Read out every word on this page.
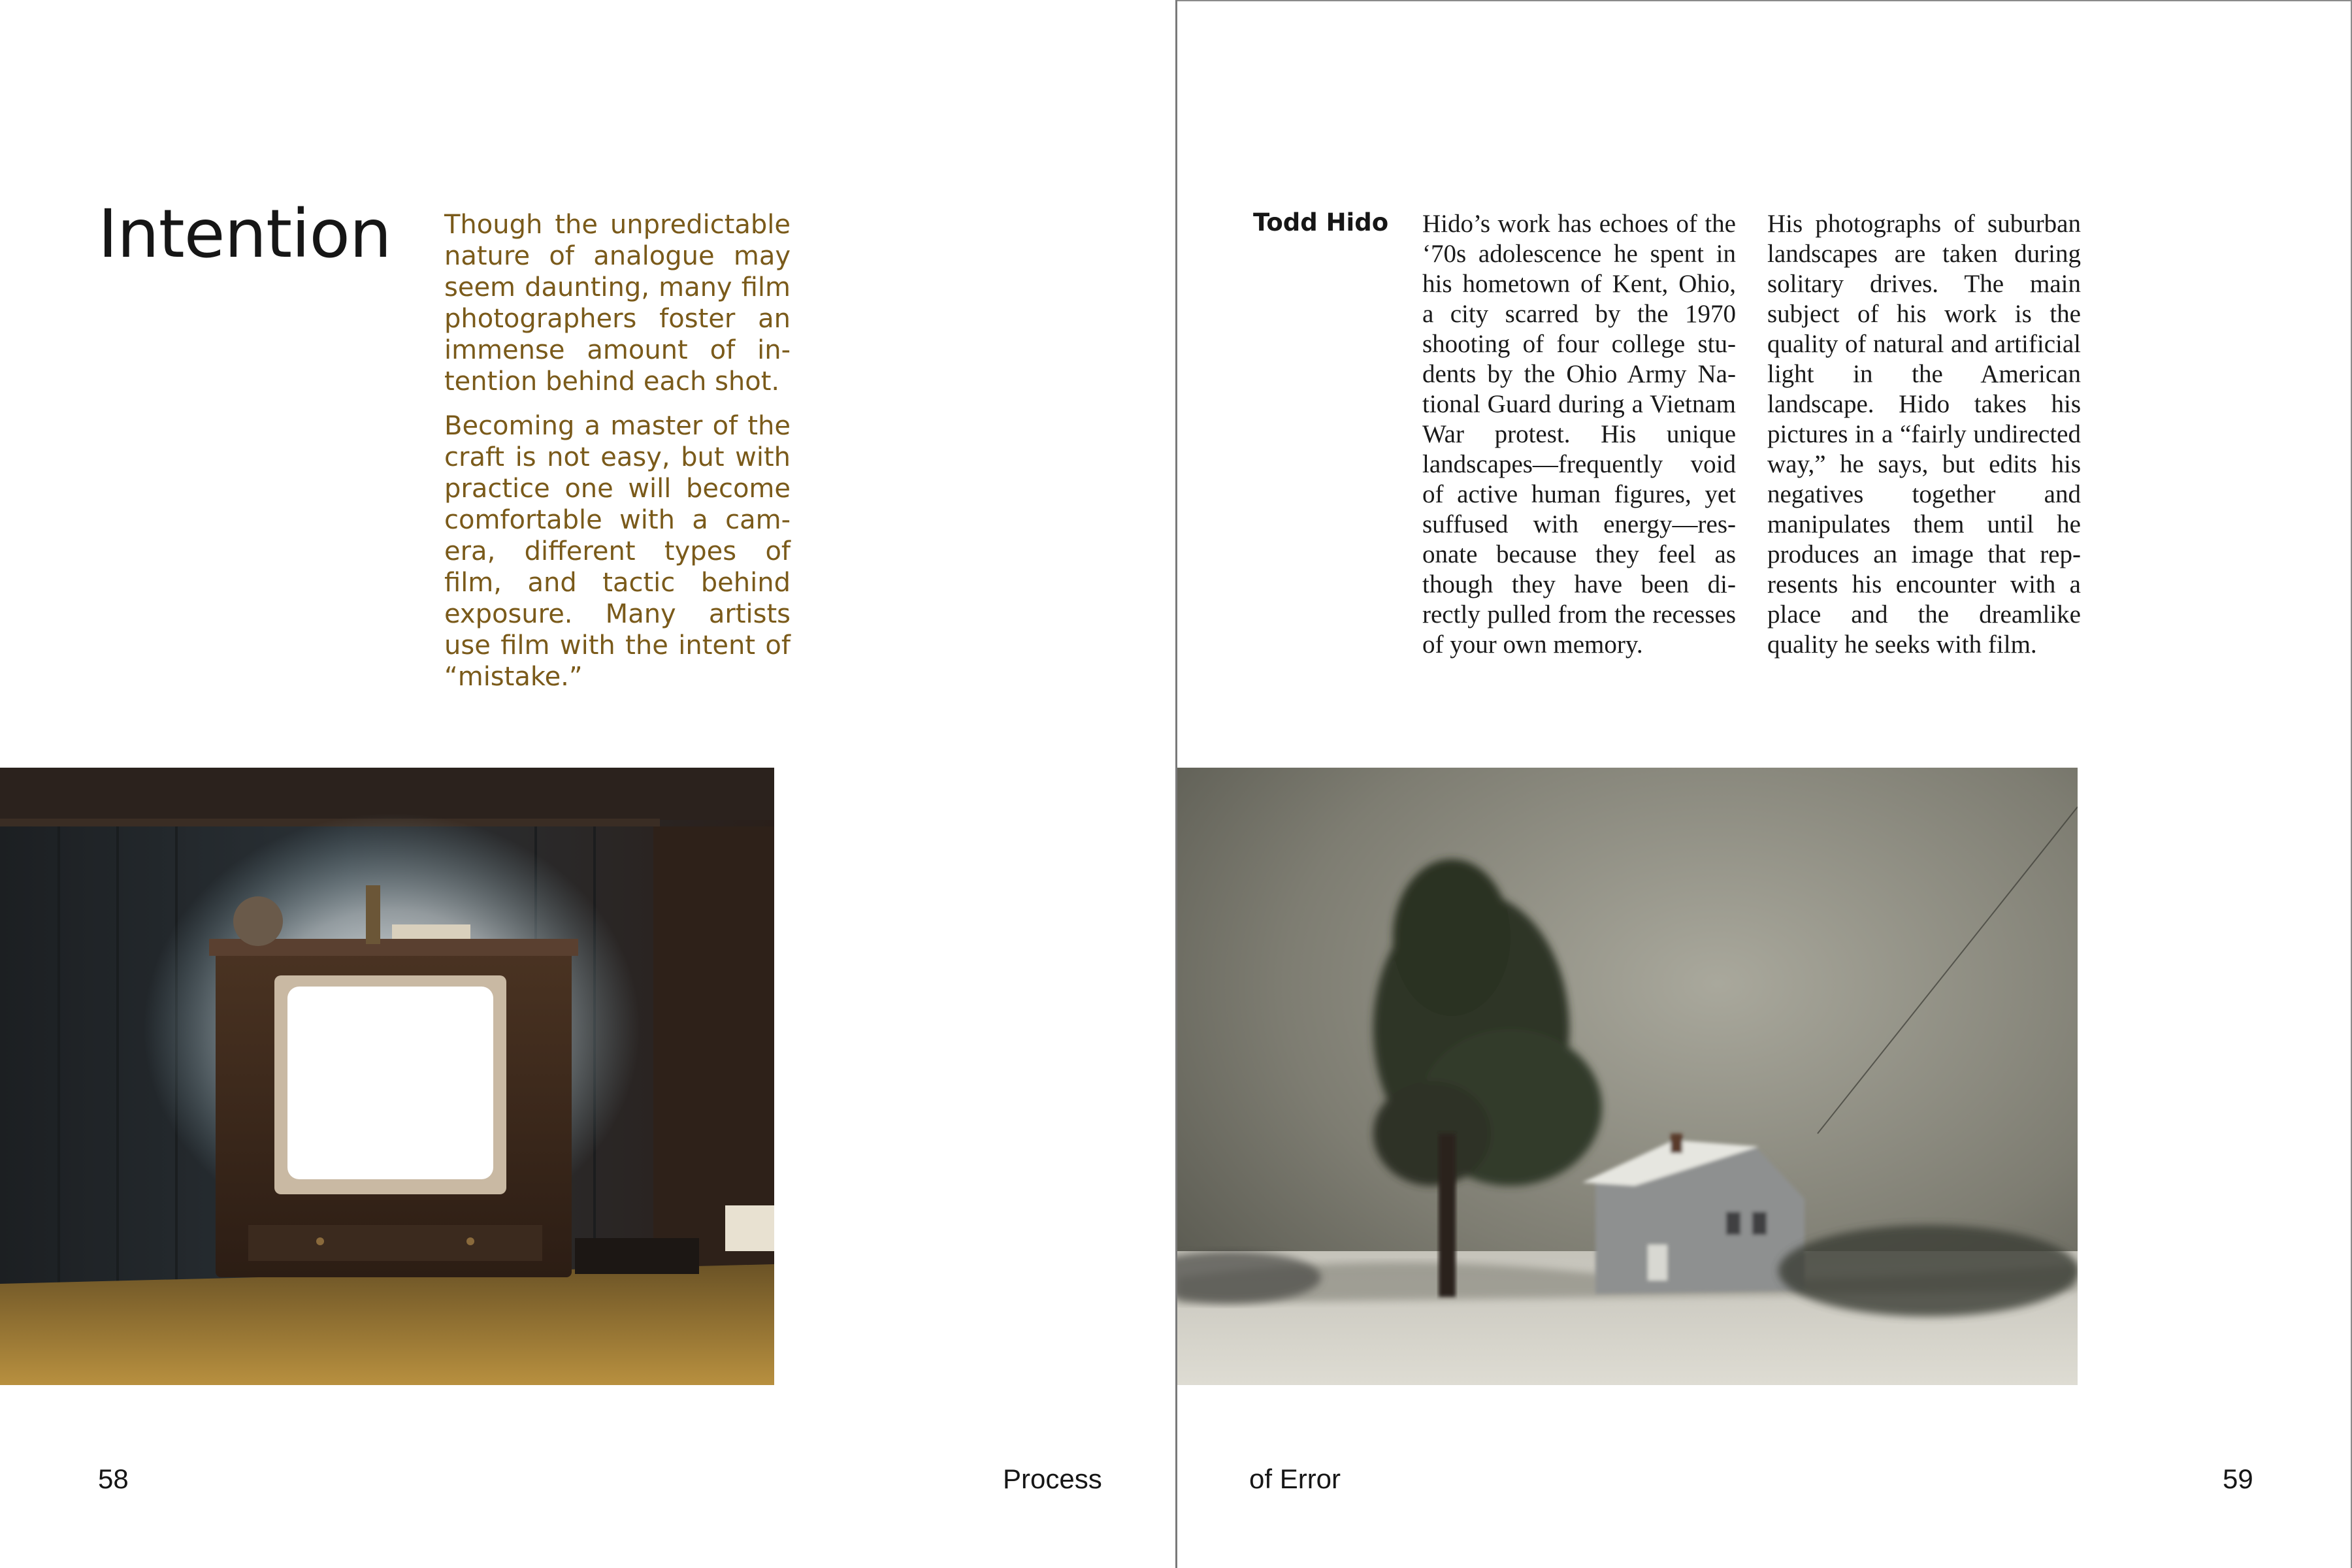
Intention Though the unpredictable nature of analogue may seem daunting, many film photographers foster an immense amount of intention behind each shot.

Becoming a master of the craft is not easy, but with practice one will become comfortable with a camera, different types of film, and tactic behind exposure. Many artists use film with the intent of “mistake.”

58	Process
Todd Hido Hido’s work has echoes of the ‘70s adolescence he spent in his hometown of Kent, Ohio, a city scarred by the 1970 shooting of four college students by the Ohio Army National Guard during a Vietnam War protest. His unique landscapes—frequently void of active human figures, yet suffused with energy—resonate because they feel as though they have been directly pulled from the recesses of your own memory.

His photographs of suburban landscapes are taken during solitary drives. The main subject of his work is the quality of natural and artificial light in the American landscape. Hido takes his pictures in a “fairly undirected way,” he says, but edits his negatives together and manipulates them until he produces an image that represents his encounter with a place and the dreamlike quality he seeks with film.

of Error	59
